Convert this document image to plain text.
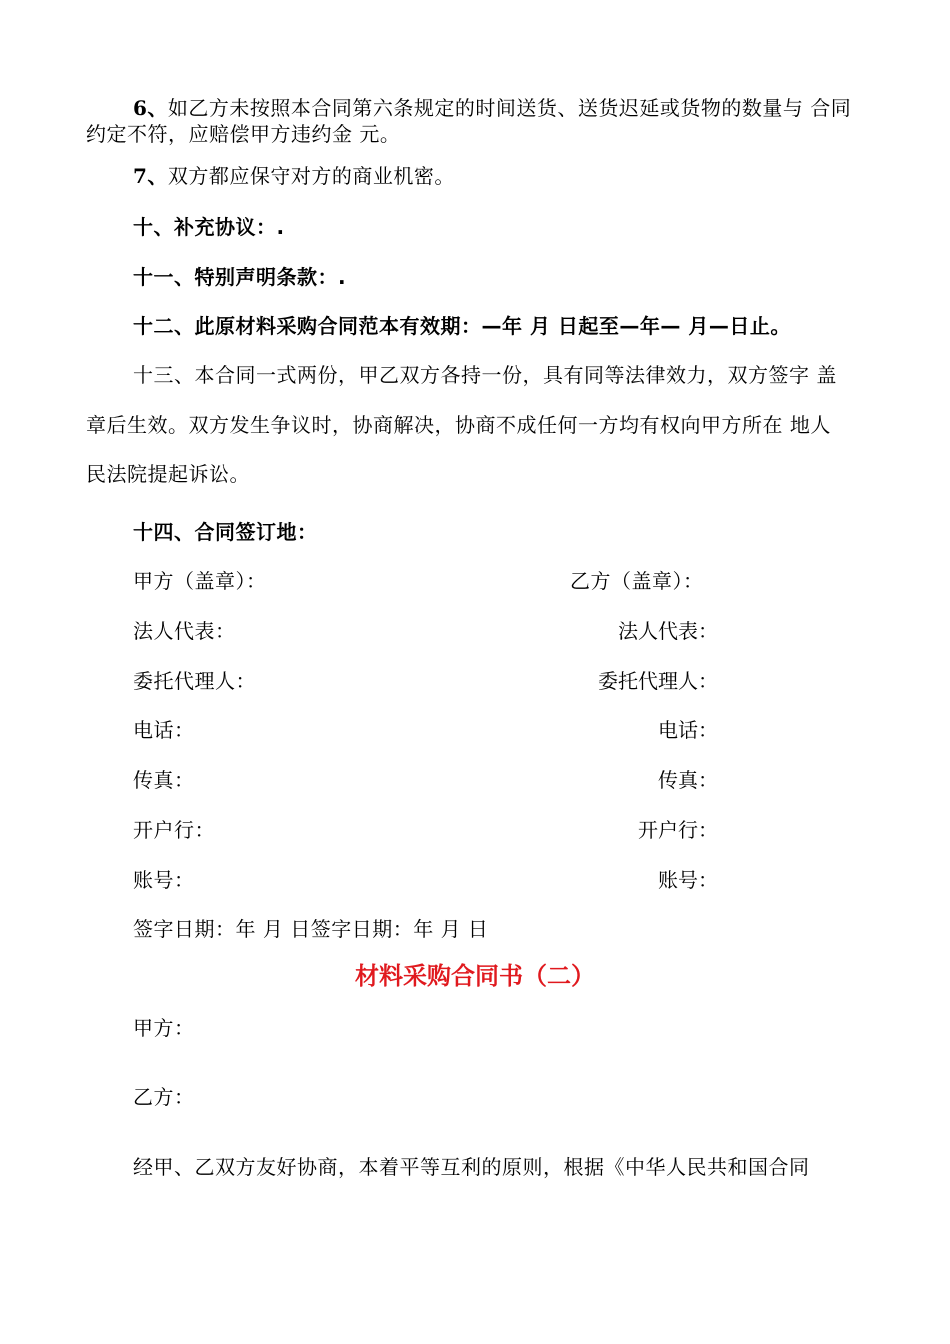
6、如乙方未按照本合同第六条规定的时间送货、送货迟延或货物的数量与 合同
约定不符，应赔偿甲方违约金 元。
7、双方都应保守对方的商业机密。
十、补充协议：.
十一、特别声明条款：.
十二、此原材料采购合同范本有效期：—年 月 日起至—年— 月—日止。
十三、本合同一式两份，甲乙双方各持一份，具有同等法律效力，双方签字 盖
章后生效。双方发生争议时，协商解决，协商不成任何一方均有权向甲方所在 地人
民法院提起诉讼。
十四、合同签订地：
甲方（盖章）：	乙方（盖章）：
法人代表：	法人代表：
委托代理人：	委托代理人：
电话：	电话：
传真：	传真：
开户行：	开户行：
账号：	账号：
签字日期：年 月 日签字日期：年 月 日
材料采购合同书（二）
甲方：
乙方：
经甲、乙双方友好协商，本着平等互利的原则，根据《中华人民共和国合同
